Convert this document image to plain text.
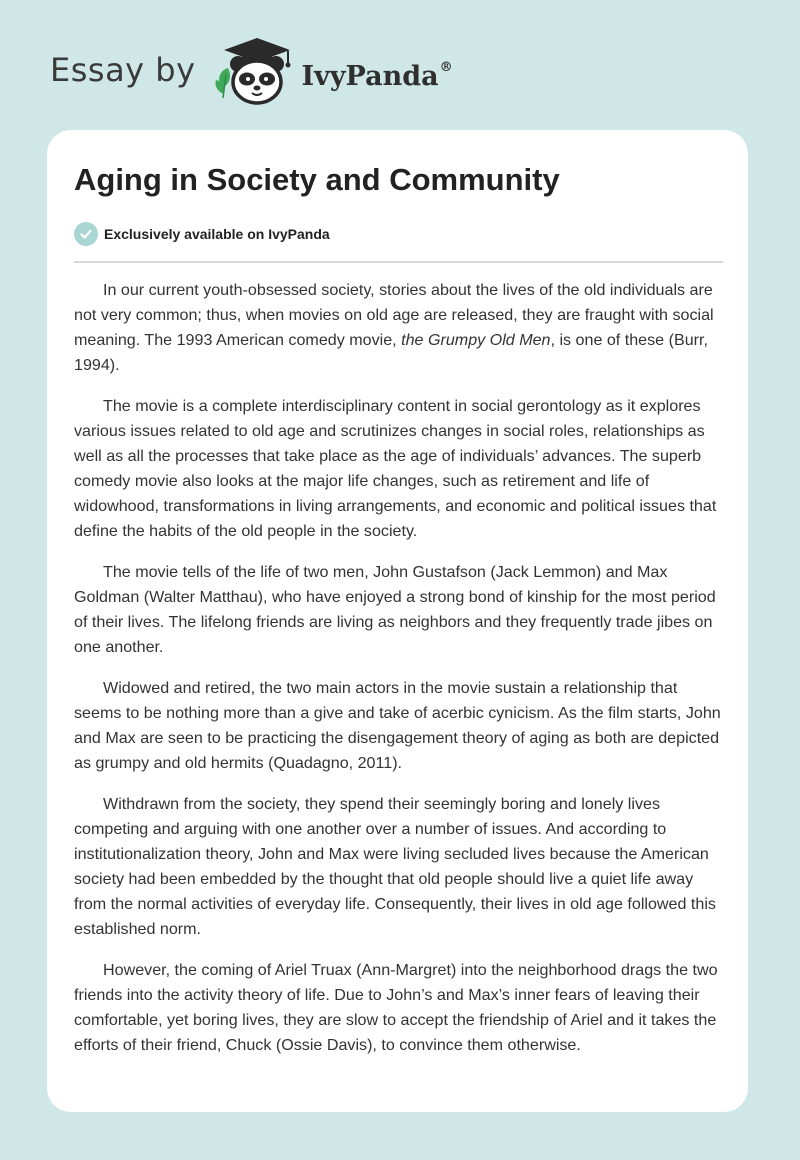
Essay by	IvyPanda®
Aging in Society and Community
Exclusively available on IvyPanda

In our current youth-obsessed society, stories about the lives of the old individuals are not very common; thus, when movies on old age are released, they are fraught with social meaning. The 1993 American comedy movie, the Grumpy Old Men, is one of these (Burr, 1994).

The movie is a complete interdisciplinary content in social gerontology as it explores various issues related to old age and scrutinizes changes in social roles, relationships as well as all the processes that take place as the age of individuals’ advances. The superb comedy movie also looks at the major life changes, such as retirement and life of widowhood, transformations in living arrangements, and economic and political issues that define the habits of the old people in the society.

The movie tells of the life of two men, John Gustafson (Jack Lemmon) and Max Goldman (Walter Matthau), who have enjoyed a strong bond of kinship for the most period of their lives. The lifelong friends are living as neighbors and they frequently trade jibes on one another.

Widowed and retired, the two main actors in the movie sustain a relationship that seems to be nothing more than a give and take of acerbic cynicism. As the film starts, John and Max are seen to be practicing the disengagement theory of aging as both are depicted as grumpy and old hermits (Quadagno, 2011).

Withdrawn from the society, they spend their seemingly boring and lonely lives competing and arguing with one another over a number of issues. And according to institutionalization theory, John and Max were living secluded lives because the American society had been embedded by the thought that old people should live a quiet life away from the normal activities of everyday life. Consequently, their lives in old age followed this established norm.

However, the coming of Ariel Truax (Ann-Margret) into the neighborhood drags the two friends into the activity theory of life. Due to John’s and Max’s inner fears of leaving their comfortable, yet boring lives, they are slow to accept the friendship of Ariel and it takes the efforts of their friend, Chuck (Ossie Davis), to convince them otherwise.
